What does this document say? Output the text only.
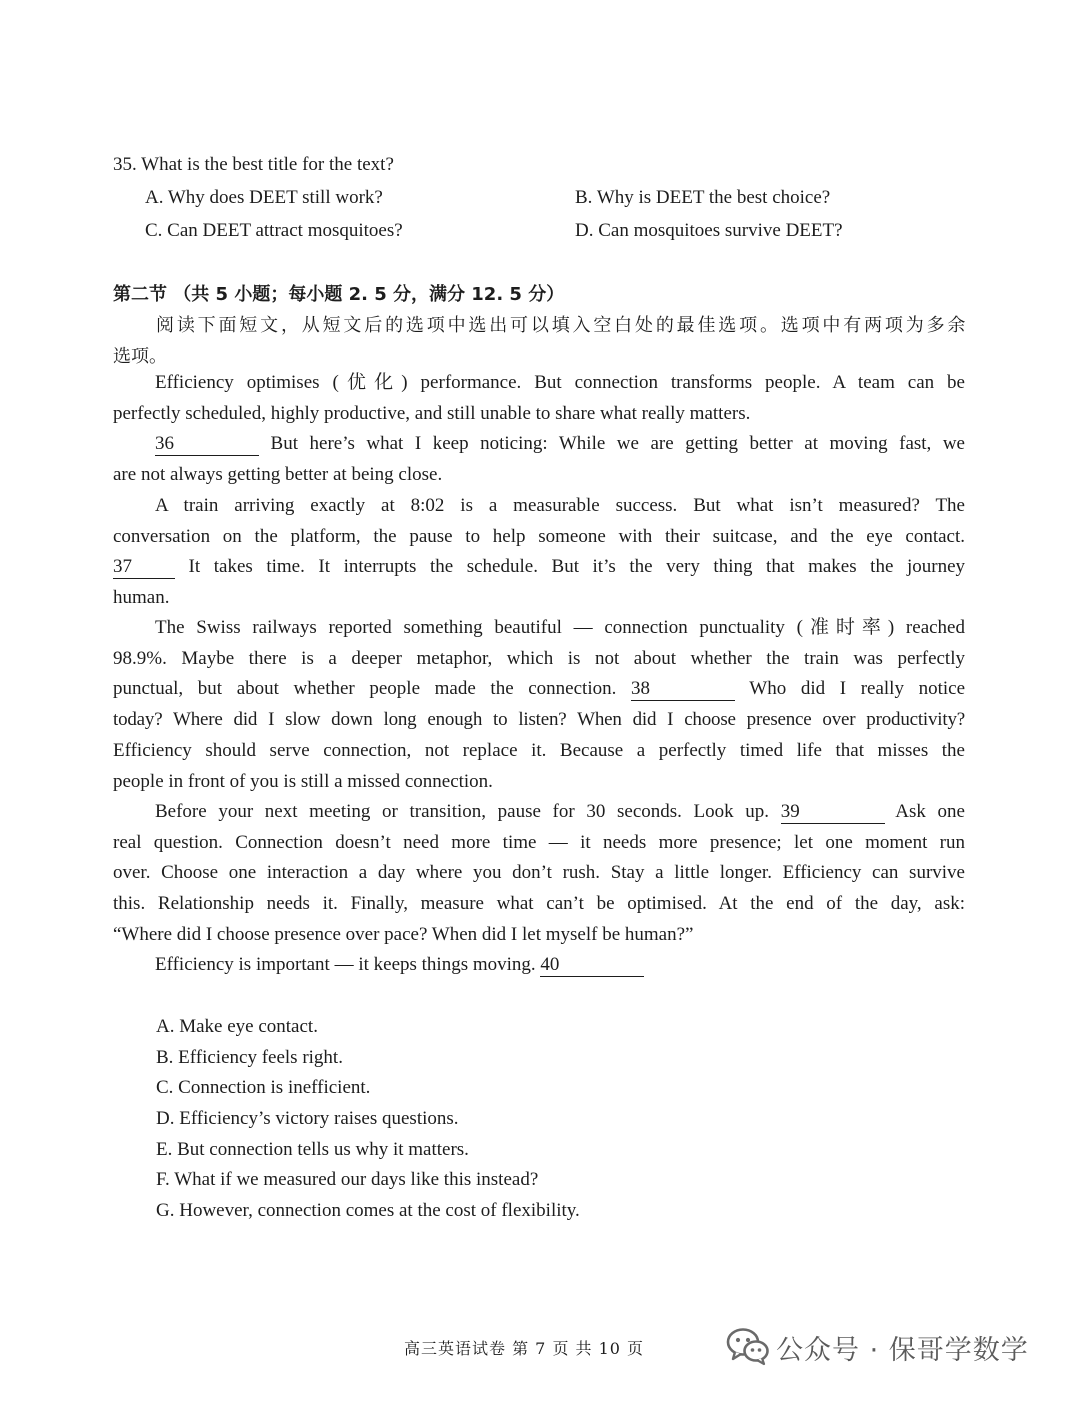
35. What is the best title for the text?
A. Why does DEET still work?	B. Why is DEET the best choice?
C. Can DEET attract mosquitoes?	D. Can mosquitoes survive DEET?
第二节 （共 5 小题；每小题 2. 5 分，满分 12. 5 分）
阅读下面短文，从短文后的选项中选出可以填入空白处的最佳选项。选项中有两项为多余
选项。
Efficiency optimises (优化) performance. But connection transforms people. A team can be
perfectly scheduled, highly productive, and still unable to share what really matters.
36	But here’s what I keep noticing: While we are getting better at moving fast, we
are not always getting better at being close.
A train arriving exactly at 8:02 is a measurable success. But what isn’t measured? The
conversation on the platform, the pause to help someone with their suitcase, and the eye contact.
37 It takes time. It interrupts the schedule. But it’s the very thing that makes the journey
human.
The Swiss railways reported something beautiful — connection punctuality (准时率) reached
98.9%. Maybe there is a deeper metaphor, which is not about whether the train was perfectly
punctual, but about whether people made the connection. 38	Who did I really notice
today? Where did I slow down long enough to listen? When did I choose presence over productivity?
Efficiency should serve connection, not replace it. Because a perfectly timed life that misses the
people in front of you is still a missed connection.
Before your next meeting or transition, pause for 30 seconds. Look up. 39	Ask one
real question. Connection doesn’t need more time — it needs more presence; let one moment run
over. Choose one interaction a day where you don’t rush. Stay a little longer. Efficiency can survive
this. Relationship needs it. Finally, measure what can’t be optimised. At the end of the day, ask:
“Where did I choose presence over pace? When did I let myself be human?”
Efficiency is important — it keeps things moving. 40
A. Make eye contact.
B. Efficiency feels right.
C. Connection is inefficient.
D. Efficiency’s victory raises questions.
E. But connection tells us why it matters.
F. What if we measured our days like this instead?
G. However, connection comes at the cost of flexibility.
高三英语试卷 第 7 页 共 10 页	公众号 · 保哥学数学
